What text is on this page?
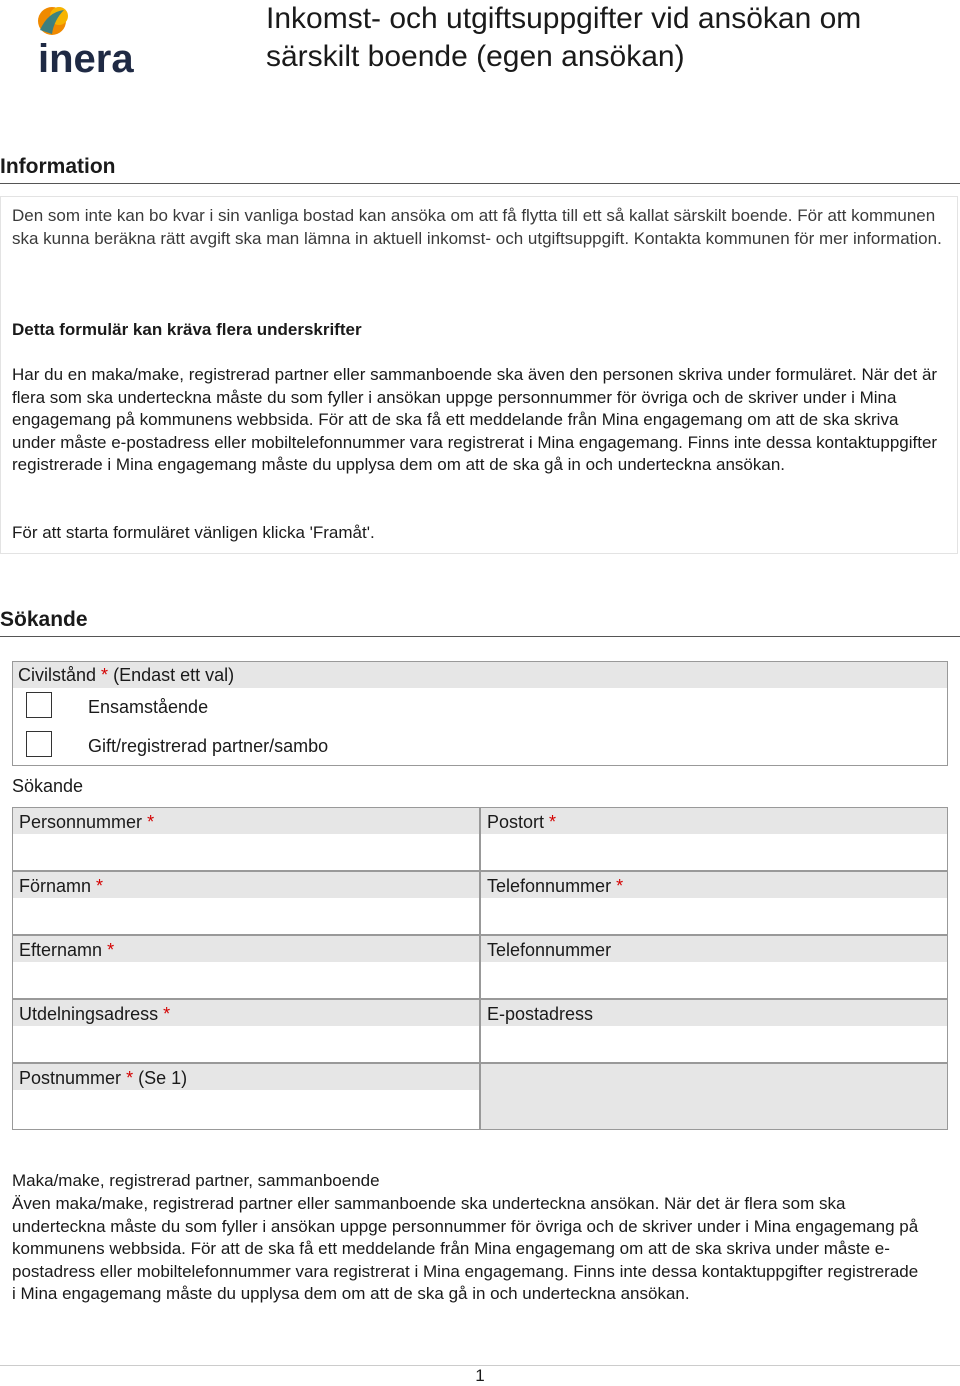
inera
Inkomst- och utgiftsuppgifter vid ansökan om särskilt boende (egen ansökan)
Information

Den som inte kan bo kvar i sin vanliga bostad kan ansöka om att få flytta till ett så kallat särskilt boende. För att kommunen ska kunna beräkna rätt avgift ska man lämna in aktuell inkomst- och utgiftsuppgift. Kontakta kommunen för mer information.

Detta formulär kan kräva flera underskrifter

Har du en maka/make, registrerad partner eller sammanboende ska även den personen skriva under formuläret. När det är flera som ska underteckna måste du som fyller i ansökan uppge personnummer för övriga och de skriver under i Mina engagemang på kommunens webbsida. För att de ska få ett meddelande från Mina engagemang om att de ska skriva under måste e-postadress eller mobiltelefonnummer vara registrerat i Mina engagemang. Finns inte dessa kontaktuppgifter registrerade i Mina engagemang måste du upplysa dem om att de ska gå in och underteckna ansökan.

För att starta formuläret vänligen klicka 'Framåt'.

Sökande
Civilstånd * (Endast ett val)
Ensamstående
Gift/registrerad partner/sambo
Sökande
Personnummer *	Postort *
Förnamn *	Telefonnummer *
Efternamn *	Telefonnummer
Utdelningsadress *	E-postadress
Postnummer * (Se 1)
Maka/make, registrerad partner, sammanboende

Även maka/make, registrerad partner eller sammanboende ska underteckna ansökan. När det är flera som ska underteckna måste du som fyller i ansökan uppge personnummer för övriga och de skriver under i Mina engagemang på kommunens webbsida. För att de ska få ett meddelande från Mina engagemang om att de ska skriva under måste e-postadress eller mobiltelefonnummer vara registrerat i Mina engagemang. Finns inte dessa kontaktuppgifter registrerade i Mina engagemang måste du upplysa dem om att de ska gå in och underteckna ansökan.

1
